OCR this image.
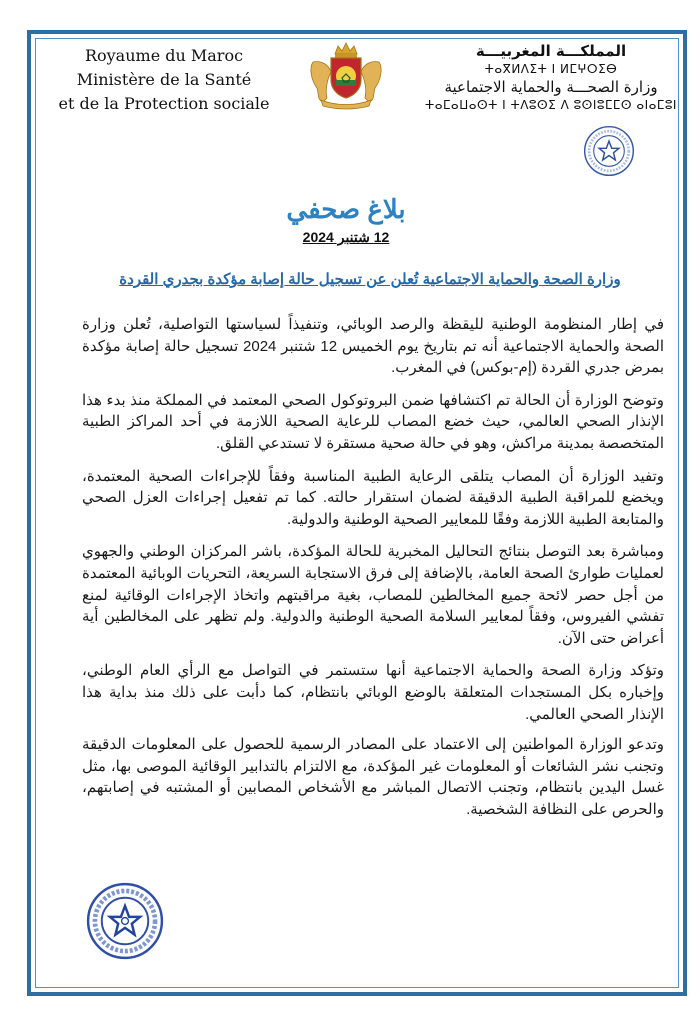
Royaume du Maroc
Ministère de la Santé
et de la Protection sociale
المملكـــة المغربيـــة
ⵜⴰⴳⵍⴷⵉⵜ ⵏ ⵍⵎⵖⵔⵉⴱ
وزارة الصحـــة والحماية الاجتماعية
ⵜⴰⵎⴰⵡⴰⵙⵜ ⵏ ⵜⴷⵓⵙⵉ ⴷ ⵓⵙⵏⵓⵎⵎⵙ ⴰⵏⴰⵎⵓⵏ
بلاغ صحفي
12 شتنبر 2024
وزارة الصحة والحماية الاجتماعية تُعلن عن تسجيل حالة إصابة مؤكدة بجدري القردة

في إطار المنظومة الوطنية لليقظة والرصد الوبائي، وتنفيذاً لسياستها التواصلية، تُعلن وزارة الصحة والحماية الاجتماعية أنه تم بتاريخ يوم الخميس 12 شتنبر 2024 تسجيل حالة إصابة مؤكدة بمرض جدري القردة (إم-بوكس) في المغرب.

وتوضح الوزارة أن الحالة تم اكتشافها ضمن البروتوكول الصحي المعتمد في المملكة منذ بدء هذا الإنذار الصحي العالمي، حيث خضع المصاب للرعاية الصحية اللازمة في أحد المراكز الطبية المتخصصة بمدينة مراكش، وهو في حالة صحية مستقرة لا تستدعي القلق.

وتفيد الوزارة أن المصاب يتلقى الرعاية الطبية المناسبة وفقاً للإجراءات الصحية المعتمدة، ويخضع للمراقبة الطبية الدقيقة لضمان استقرار حالته. كما تم تفعيل إجراءات العزل الصحي والمتابعة الطبية اللازمة وفقًا للمعايير الصحية الوطنية والدولية.

ومباشرة بعد التوصل بنتائج التحاليل المخبرية للحالة المؤكدة، باشر المركزان الوطني والجهوي لعمليات طوارئ الصحة العامة، بالإضافة إلى فرق الاستجابة السريعة، التحريات الوبائية المعتمدة من أجل حصر لائحة جميع المخالطين للمصاب، بغية مراقبتهم واتخاذ الإجراءات الوقائية لمنع تفشي الفيروس، وفقاً لمعايير السلامة الصحية الوطنية والدولية. ولم تظهر على المخالطين أية أعراض حتى الآن.

وتؤكد وزارة الصحة والحماية الاجتماعية أنها ستستمر في التواصل مع الرأي العام الوطني، وإخباره بكل المستجدات المتعلقة بالوضع الوبائي بانتظام، كما دأبت على ذلك منذ بداية هذا الإنذار الصحي العالمي.

وتدعو الوزارة المواطنين إلى الاعتماد على المصادر الرسمية للحصول على المعلومات الدقيقة وتجنب نشر الشائعات أو المعلومات غير المؤكدة، مع الالتزام بالتدابير الوقائية الموصى بها، مثل غسل اليدين بانتظام، وتجنب الاتصال المباشر مع الأشخاص المصابين أو المشتبه في إصابتهم، والحرص على النظافة الشخصية.
